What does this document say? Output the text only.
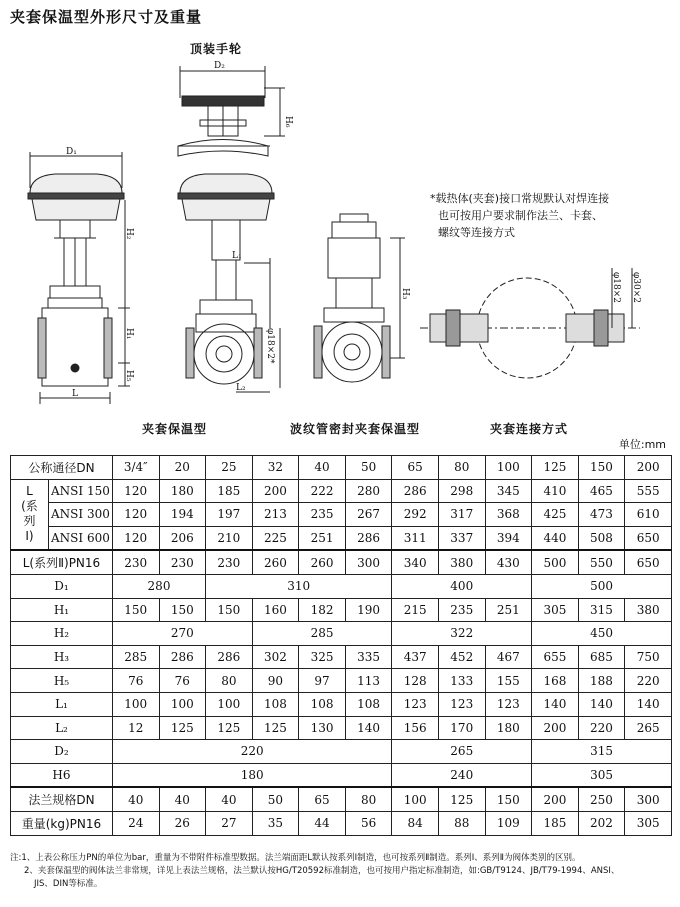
夹套保温型外形尺寸及重量
D₂
H₆
D₁
H₂
H₁
H₅
L
L₁
L₂
φ18×2*
H₃	φ18×2 φ30×2
顶装手轮
*载热体(夹套)接口常规默认对焊连接
也可按用户要求制作法兰、卡套、
螺纹等连接方式
夹套保温型	波纹管密封夹套保温型	夹套连接方式
单位:mm
公称通径DN		3/4″	20	25	32	40	50	65	80	100	125	150	200
L
(系
列
Ⅰ)	ANSI 150	120	180	185	200	222	280	286	298	345	410	465	555
	ANSI 300	120	194	197	213	235	267	292	317	368	425	473	610
	ANSI 600	120	206	210	225	251	286	311	337	394	440	508	650
L(系列Ⅱ)PN16		230	230	230	260	260	300	340	380	430	500	550	650
D₁		280		310				400			500		
H₁		150	150	150	160	182	190	215	235	251	305	315	380
H₂		270			285			322			450		
H₃		285	286	286	302	325	335	437	452	467	655	685	750
H₅		76	76	80	90	97	113	128	133	155	168	188	220
L₁		100	100	100	108	108	108	123	123	123	140	140	140
L₂		12	125	125	125	130	140	156	170	180	200	220	265
D₂		220						265			315		
H6		180						240			305		
法兰规格DN		40	40	40	50	65	80	100	125	150	200	250	300
重量(kg)PN16		24	26	27	35	44	56	84	88	109	185	202	305
注:1、上表公称压力PN的单位为bar，重量为不带附件标准型数据。法兰端面距L默认按系列Ⅰ制造，也可按系列Ⅱ制造。系列Ⅰ、系列Ⅱ为阀体类别的区别。
2、夹套保温型的阀体法兰非常规，详见上表法兰规格，法兰默认按HG/T20592标准制造，也可按用户指定标准制造，如:GB/T9124、JB/T79-1994、ANSI、
JIS、DIN等标准。
